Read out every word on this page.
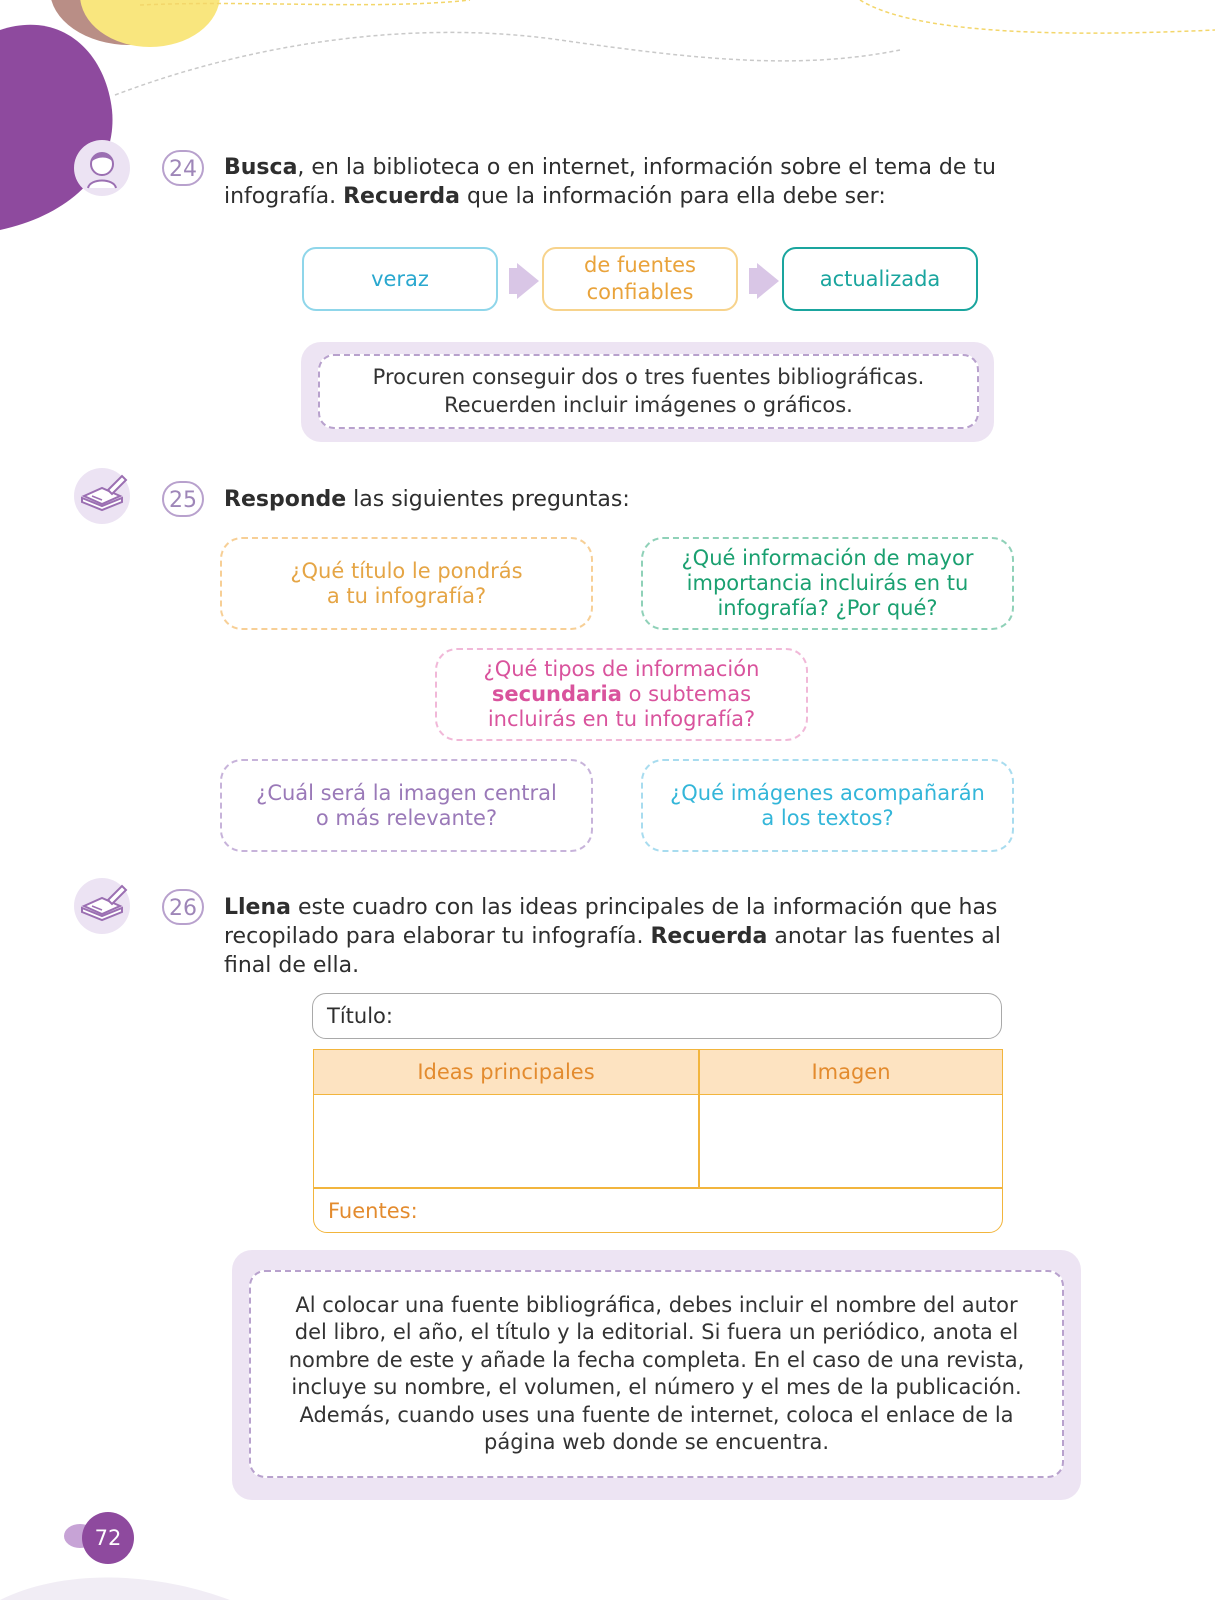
24	Busca, en la biblioteca o en internet, información sobre el tema de tu infografía. Recuerda que la información para ella debe ser:
veraz
de fuentes confiables
actualizada
Procuren conseguir dos o tres fuentes bibliográficas.
Recuerden incluir imágenes o gráficos.
25	Responde las siguientes preguntas:
¿Qué título le pondrás a tu infografía?
¿Qué información de mayor importancia incluirás en tu infografía? ¿Por qué?
¿Qué tipos de información secundaria o subtemas incluirás en tu infografía?
¿Cuál será la imagen central o más relevante?
¿Qué imágenes acompañarán a los textos?
26	Llena este cuadro con las ideas principales de la información que has recopilado para elaborar tu infografía. Recuerda anotar las fuentes al final de ella.
Título:
Ideas principales	Imagen
Fuentes:
Al colocar una fuente bibliográfica, debes incluir el nombre del autor del libro, el año, el título y la editorial. Si fuera un periódico, anota el nombre de este y añade la fecha completa. En el caso de una revista, incluye su nombre, el volumen, el número y el mes de la publicación. Además, cuando uses una fuente de internet, coloca el enlace de la página web donde se encuentra.
72
